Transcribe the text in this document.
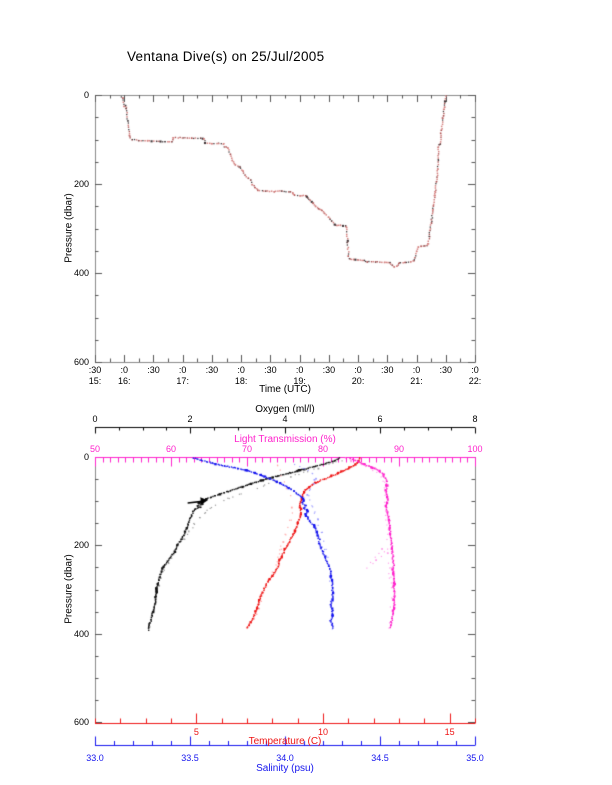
Ventana Dive(s) on 25/Jul/2005
Pressure (dbar)
Time (UTC)
Oxygen (ml/l)
Light Transmission (%)
Pressure (dbar)
Temperature (C)
Salinity (psu)
:30 :0 :30 :0 :30 :0 :30 :0 :30 :0 :30 :0 :30 :0
15: 16:	17:	18:	19:	20:	21:	22:
0
200
400
600
0
200
400
600
0	2	4	6	8
50	60	70	80	90	100
5	10	15
33.0	33.5	34.0	34.5	35.0
